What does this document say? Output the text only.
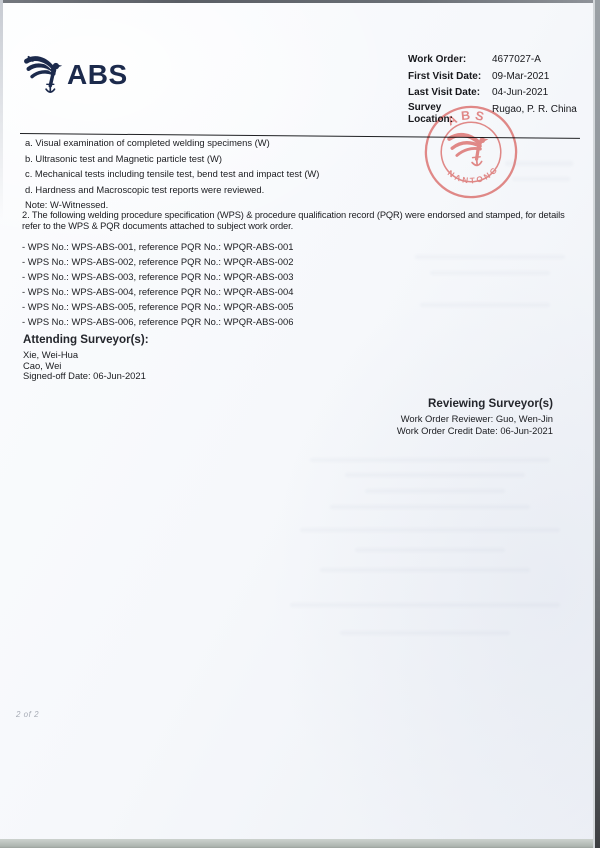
ABS	Work Order:	4677027-A
First Visit Date:	09-Mar-2021
Last Visit Date:	04-Jun-2021
Survey Location:
Rugao, P. R. China
ABS
NANTONG
a. Visual examination of completed welding specimens (W)
b. Ultrasonic test and Magnetic particle test (W)
c. Mechanical tests including tensile test, bend test and impact test (W)
d. Hardness and Macroscopic test reports were reviewed.
Note: W-Witnessed.
2. The following welding procedure specification (WPS) & procedure qualification record (PQR) were endorsed and stamped, for details refer to the WPS & PQR documents attached to subject work order.
- WPS No.: WPS-ABS-001, reference PQR No.: WPQR-ABS-001
- WPS No.: WPS-ABS-002, reference PQR No.: WPQR-ABS-002
- WPS No.: WPS-ABS-003, reference PQR No.: WPQR-ABS-003
- WPS No.: WPS-ABS-004, reference PQR No.: WPQR-ABS-004
- WPS No.: WPS-ABS-005, reference PQR No.: WPQR-ABS-005
- WPS No.: WPS-ABS-006, reference PQR No.: WPQR-ABS-006
Attending Surveyor(s):
Xie, Wei-Hua
Cao, Wei
Signed-off Date: 06-Jun-2021
Reviewing Surveyor(s)
Work Order Reviewer: Guo, Wen-Jin
Work Order Credit Date: 06-Jun-2021
2 of 2
